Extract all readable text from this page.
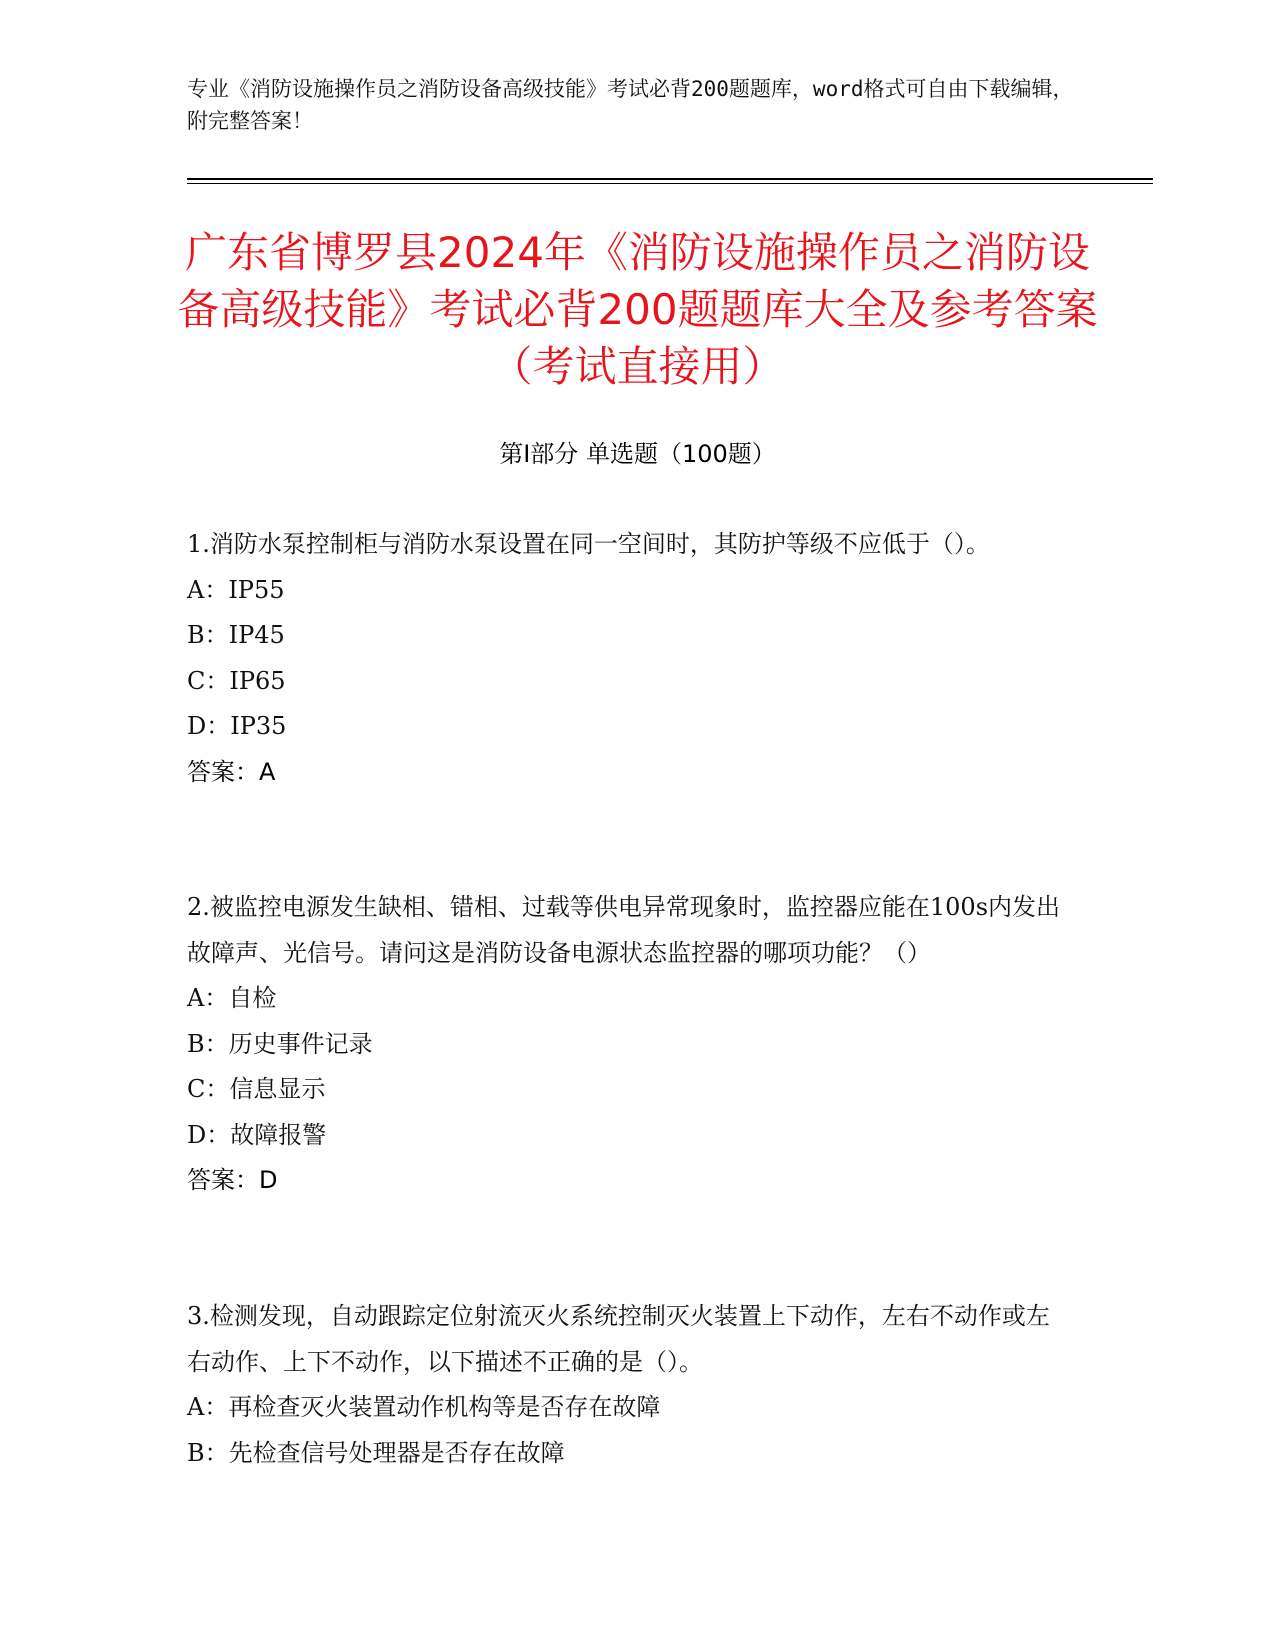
专业《消防设施操作员之消防设备高级技能》考试必背200题题库，word格式可自由下载编辑，附完整答案！
广东省博罗县2024年《消防设施操作员之消防设备高级技能》考试必背200题题库大全及参考答案（考试直接用）
第I部分 单选题（100题）
1.消防水泵控制柜与消防水泵设置在同一空间时，其防护等级不应低于（）。
A：IP55
B：IP45
C：IP65
D：IP35
答案：A
2.被监控电源发生缺相、错相、过载等供电异常现象时，监控器应能在100s内发出故障声、光信号。请问这是消防设备电源状态监控器的哪项功能？（）
A：自检
B：历史事件记录
C：信息显示
D：故障报警
答案：D
3.检测发现，自动跟踪定位射流灭火系统控制灭火装置上下动作，左右不动作或左右动作、上下不动作，以下描述不正确的是（）。
A：再检查灭火装置动作机构等是否存在故障
B：先检查信号处理器是否存在故障
